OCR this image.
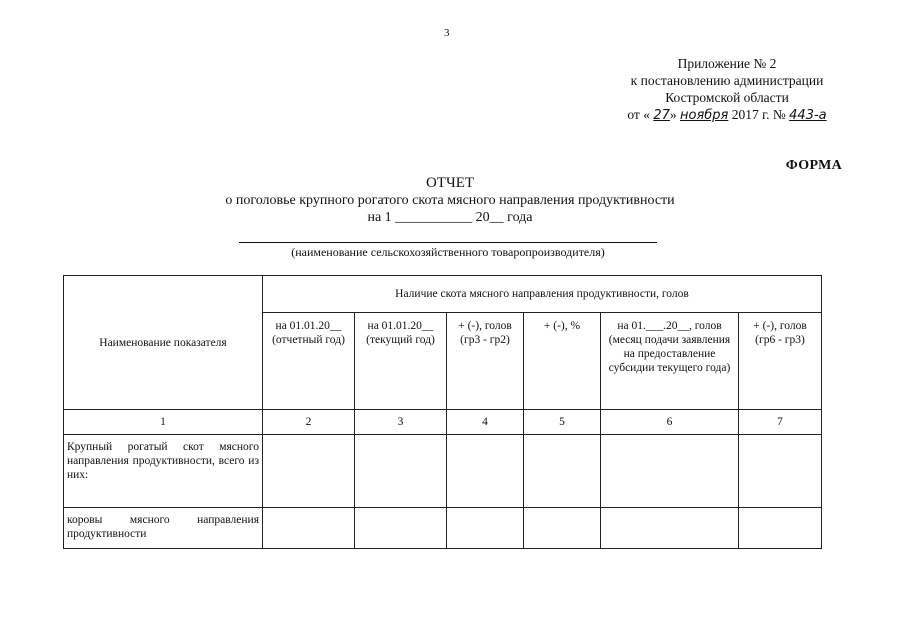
3
Приложение № 2
к постановлению администрации
Костромской области
от « 27» ноября 2017 г. № 443-а
ФОРМА
ОТЧЕТ
о поголовье крупного рогатого скота мясного направления продуктивности
на 1 ___________ 20__ года
(наименование сельскохозяйственного товаропроизводителя)
Наименование показателя	Наличие скота мясного направления продуктивности, голов					
	на 01.01.20__ (отчетный год)	на 01.01.20__ (текущий год)	+ (-), голов (гр3 - гр2)	+ (-), %	на 01.___.20__, голов (месяц подачи заявления на предоставление субсидии текущего года)	+ (-), голов (гр6 - гр3)
1	2	3	4	5	6	7
Крупный рогатый скот мясного направления продуктивности, всего из них:						
коровы мясного направления продуктивности						
